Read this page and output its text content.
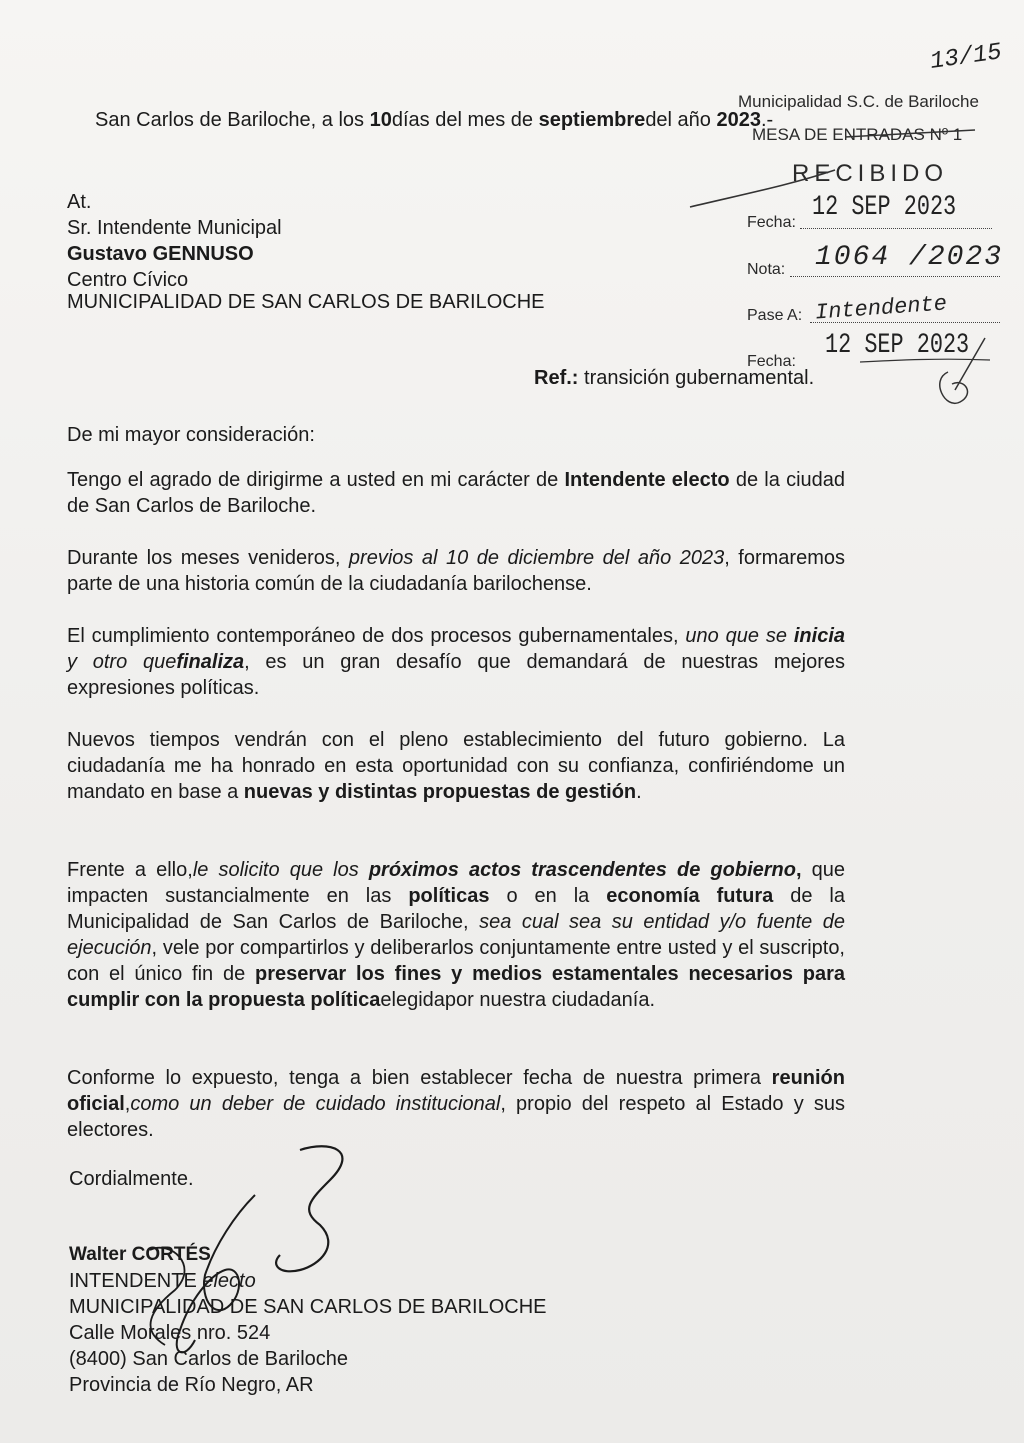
San Carlos de Bariloche, a los 10días del mes de septiembredel año 2023.-
13/15
Municipalidad S.C. de Bariloche
MESA DE ENTRADAS Nº 1
RECIBIDO
Fecha: 12 SEP 2023
Nota: 1064 /2023
Pase A: Intendente
Fecha:
12 SEP 2023
At.
Sr. Intendente Municipal
Gustavo GENNUSO
Centro Cívico
MUNICIPALIDAD DE SAN CARLOS DE BARILOCHE
Ref.: transición gubernamental.
De mi mayor consideración:
Tengo el agrado de dirigirme a usted en mi carácter de Intendente electo de la ciudad de San Carlos de Bariloche.
Durante los meses venideros, previos al 10 de diciembre del año 2023, formaremos parte de una historia común de la ciudadanía barilochense.
El cumplimiento contemporáneo de dos procesos gubernamentales, uno que se inicia y otro quefinaliza, es un gran desafío que demandará de nuestras mejores expresiones políticas.
Nuevos tiempos vendrán con el pleno establecimiento del futuro gobierno. La ciudadanía me ha honrado en esta oportunidad con su confianza, confiriéndome un mandato en base a nuevas y distintas propuestas de gestión.
Frente a ello,le solicito que los próximos actos trascendentes de gobierno, que impacten sustancialmente en las políticas o en la economía futura de la Municipalidad de San Carlos de Bariloche, sea cual sea su entidad y/o fuente de ejecución, vele por compartirlos y deliberarlos conjuntamente entre usted y el suscripto, con el único fin de preservar los fines y medios estamentales necesarios para cumplir con la propuesta políticaelegidapor nuestra ciudadanía.
Conforme lo expuesto, tenga a bien establecer fecha de nuestra primera reunión oficial,como un deber de cuidado institucional, propio del respeto al Estado y sus electores.
Cordialmente.
Walter CORTÉS
INTENDENTE electo
MUNICIPALIDAD DE SAN CARLOS DE BARILOCHE
Calle Morales nro. 524
(8400) San Carlos de Bariloche
Provincia de Río Negro, AR
